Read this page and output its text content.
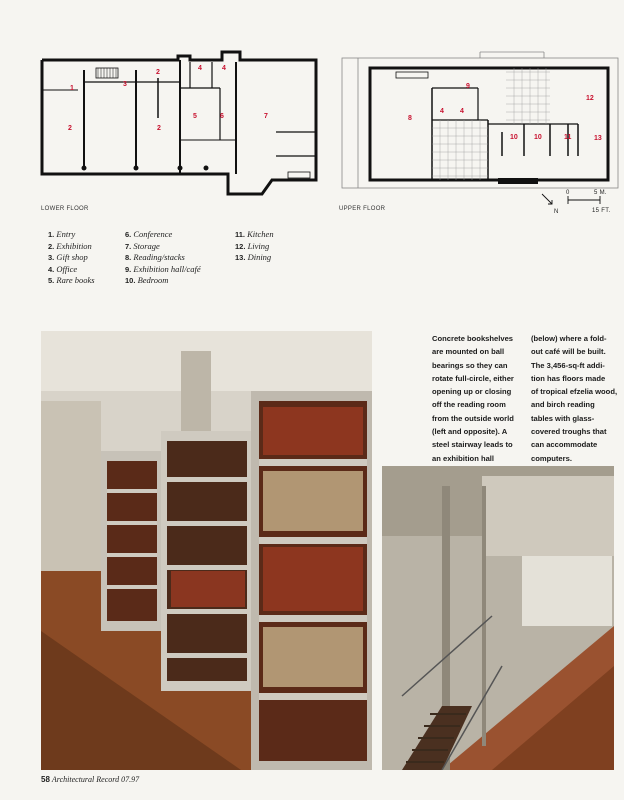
1
2	2
2
3
4	4
5	6	7
LOWER FLOOR
8
4 4
9
10 10	11
12
13
N
0	5 M.
15 FT.
UPPER FLOOR
1. Entry
2. Exhibition
3. Gift shop
4. Office
5. Rare books
6. Conference
7. Storage
8. Reading/stacks
9. Exhibition hall/café
10. Bedroom
11. Kitchen
12. Living
13. Dining
Concrete bookshelves
are mounted on ball
bearings so they can
rotate full-circle, either
opening up or closing
off the reading room
from the outside world
(left and opposite). A
steel stairway leads to
an exhibition hall
(below) where a fold-
out café will be built.
The 3,456-sq-ft addi-
tion has floors made
of tropical efzelia wood,
and birch reading
tables with glass-
covered troughs that
can accommodate
computers.
58 Architectural Record 07.97
